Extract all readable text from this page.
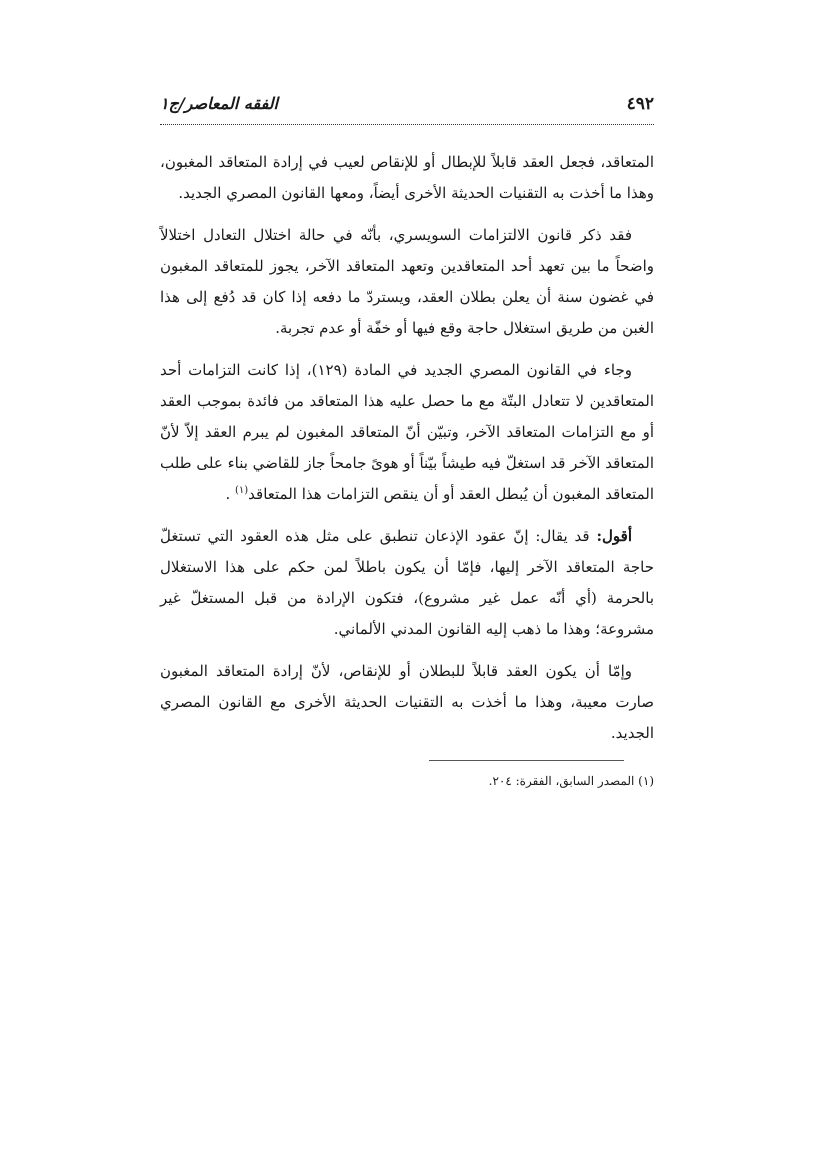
٤٩٢
الفقه المعاصر/ج١

المتعاقد، فجعل العقد قابلاً للإبطال أو للإنقاص لعيب في إرادة المتعاقد المغبون، وهذا ما أخذت به التقنيات الحديثة الأخرى أيضاً، ومعها القانون المصري الجديد.

فقد ذكر قانون الالتزامات السويسري، بأنّه في حالة اختلال التعادل اختلالاً واضحاً ما بين تعهد أحد المتعاقدين وتعهد المتعاقد الآخر، يجوز للمتعاقد المغبون في غضون سنة أن يعلن بطلان العقد، ويستردّ ما دفعه إذا كان قد دُفع إلى هذا الغبن من طريق استغلال حاجة وقع فيها أو خفّة أو عدم تجربة.

وجاء في القانون المصري الجديد في المادة (١٢٩)، إذا كانت التزامات أحد المتعاقدين لا تتعادل البتّة مع ما حصل عليه هذا المتعاقد من فائدة بموجب العقد أو مع التزامات المتعاقد الآخر، وتبيّن أنّ المتعاقد المغبون لم يبرم العقد إلاّ لأنّ المتعاقد الآخر قد استغلّ فيه طيشاً بيّناً أو هوىً جامحاً جاز للقاضي بناء على طلب المتعاقد المغبون أن يُبطل العقد أو أن ينقص التزامات هذا المتعاقد$^{(١)}$ .

أقول: قد يقال: إنّ عقود الإذعان تنطبق على مثل هذه العقود التي تستغلّ حاجة المتعاقد الآخر إليها، فإمّا أن يكون باطلاً لمن حكم على هذا الاستغلال بالحرمة (أي أنّه عمل غير مشروع)، فتكون الإرادة من قبل المستغلّ غير مشروعة؛ وهذا ما ذهب إليه القانون المدني الألماني.

وإمّا أن يكون العقد قابلاً للبطلان أو للإنقاص، لأنّ إرادة المتعاقد المغبون صارت معيبة، وهذا ما أخذت به التقنيات الحديثة الأخرى مع القانون المصري الجديد.

(١) المصدر السابق، الفقرة: ٢٠٤.
